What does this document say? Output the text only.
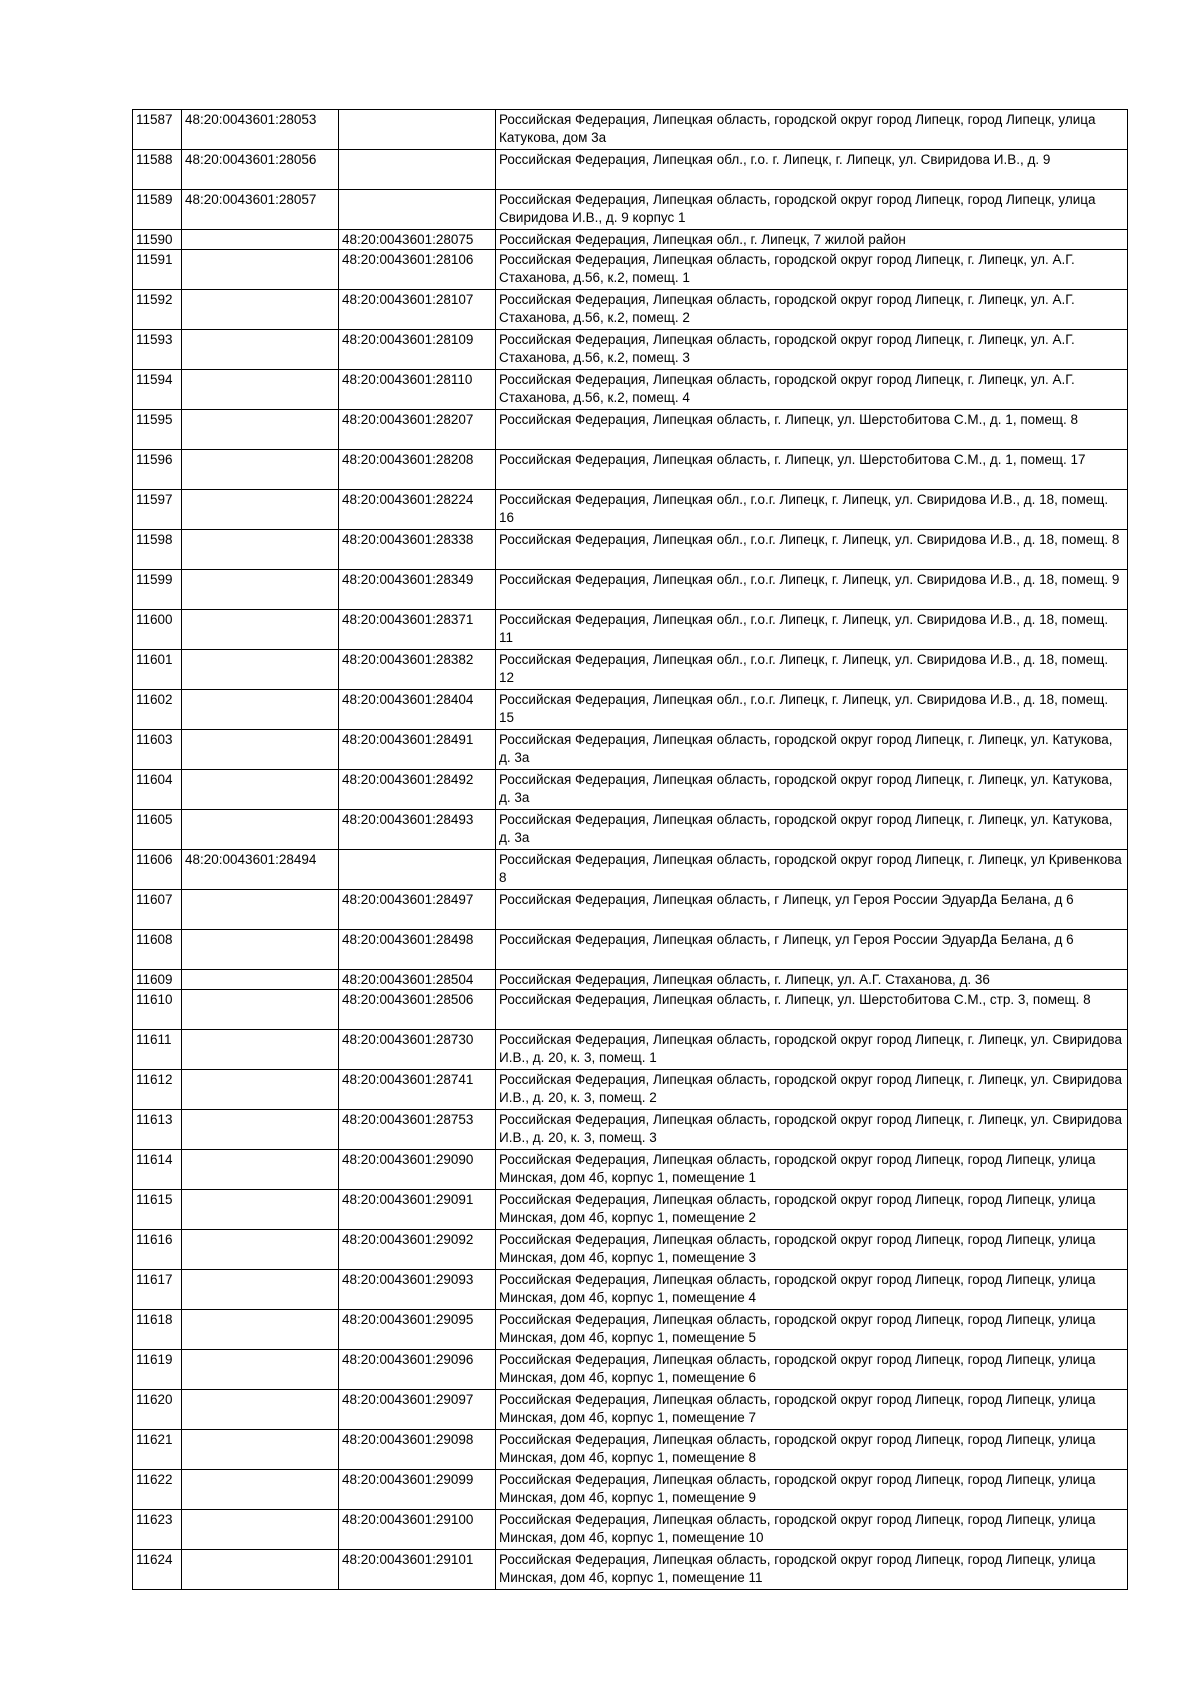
11587	48:20:0043601:28053		Российская Федерация, Липецкая область, городской округ город Липецк, город Липецк, улица Катукова, дом 3а
11588	48:20:0043601:28056		Российская Федерация, Липецкая обл., г.о. г. Липецк, г. Липецк, ул. Свиридова И.В., д. 9
11589	48:20:0043601:28057		Российская Федерация, Липецкая область, городской округ город Липецк, город Липецк, улица Свиридова И.В., д. 9 корпус 1
11590		48:20:0043601:28075	Российская Федерация, Липецкая обл., г. Липецк, 7 жилой район
11591		48:20:0043601:28106	Российская Федерация, Липецкая область, городской округ город Липецк, г. Липецк, ул. А.Г. Стаханова, д.56, к.2, помещ. 1
11592		48:20:0043601:28107	Российская Федерация, Липецкая область, городской округ город Липецк, г. Липецк, ул. А.Г. Стаханова, д.56, к.2, помещ. 2
11593		48:20:0043601:28109	Российская Федерация, Липецкая область, городской округ город Липецк, г. Липецк, ул. А.Г. Стаханова, д.56, к.2, помещ. 3
11594		48:20:0043601:28110	Российская Федерация, Липецкая область, городской округ город Липецк, г. Липецк, ул. А.Г. Стаханова, д.56, к.2, помещ. 4
11595		48:20:0043601:28207	Российская Федерация, Липецкая область, г. Липецк, ул. Шерстобитова С.М., д. 1, помещ. 8
11596		48:20:0043601:28208	Российская Федерация, Липецкая область, г. Липецк, ул. Шерстобитова С.М., д. 1, помещ. 17
11597		48:20:0043601:28224	Российская Федерация, Липецкая обл., г.о.г. Липецк, г. Липецк, ул. Свиридова И.В., д. 18, помещ. 16
11598		48:20:0043601:28338	Российская Федерация, Липецкая обл., г.о.г. Липецк, г. Липецк, ул. Свиридова И.В., д. 18, помещ. 8
11599		48:20:0043601:28349	Российская Федерация, Липецкая обл., г.о.г. Липецк, г. Липецк, ул. Свиридова И.В., д. 18, помещ. 9
11600		48:20:0043601:28371	Российская Федерация, Липецкая обл., г.о.г. Липецк, г. Липецк, ул. Свиридова И.В., д. 18, помещ. 11
11601		48:20:0043601:28382	Российская Федерация, Липецкая обл., г.о.г. Липецк, г. Липецк, ул. Свиридова И.В., д. 18, помещ. 12
11602		48:20:0043601:28404	Российская Федерация, Липецкая обл., г.о.г. Липецк, г. Липецк, ул. Свиридова И.В., д. 18, помещ. 15
11603		48:20:0043601:28491	Российская Федерация, Липецкая область, городской округ город Липецк, г. Липецк, ул. Катукова, д. 3а
11604		48:20:0043601:28492	Российская Федерация, Липецкая область, городской округ город Липецк, г. Липецк, ул. Катукова, д. 3а
11605		48:20:0043601:28493	Российская Федерация, Липецкая область, городской округ город Липецк, г. Липецк, ул. Катукова, д. 3а
11606	48:20:0043601:28494		Российская Федерация, Липецкая область, городской округ город Липецк, г. Липецк, ул Кривенкова 8
11607		48:20:0043601:28497	Российская Федерация, Липецкая область, г Липецк, ул Героя России ЭдуарДа Белана, д 6
11608		48:20:0043601:28498	Российская Федерация, Липецкая область, г Липецк, ул Героя России ЭдуарДа Белана, д 6
11609		48:20:0043601:28504	Российская Федерация, Липецкая область, г. Липецк, ул. А.Г. Стаханова, д. 36
11610		48:20:0043601:28506	Российская Федерация, Липецкая область, г. Липецк, ул. Шерстобитова С.М., стр. 3, помещ. 8
11611		48:20:0043601:28730	Российская Федерация, Липецкая область, городской округ город Липецк, г. Липецк, ул. Свиридова И.В., д. 20, к. 3, помещ. 1
11612		48:20:0043601:28741	Российская Федерация, Липецкая область, городской округ город Липецк, г. Липецк, ул. Свиридова И.В., д. 20, к. 3, помещ. 2
11613		48:20:0043601:28753	Российская Федерация, Липецкая область, городской округ город Липецк, г. Липецк, ул. Свиридова И.В., д. 20, к. 3, помещ. 3
11614		48:20:0043601:29090	Российская Федерация, Липецкая область, городской округ город Липецк, город Липецк, улица Минская, дом 4б, корпус 1, помещение 1
11615		48:20:0043601:29091	Российская Федерация, Липецкая область, городской округ город Липецк, город Липецк, улица Минская, дом 4б, корпус 1, помещение 2
11616		48:20:0043601:29092	Российская Федерация, Липецкая область, городской округ город Липецк, город Липецк, улица Минская, дом 4б, корпус 1, помещение 3
11617		48:20:0043601:29093	Российская Федерация, Липецкая область, городской округ город Липецк, город Липецк, улица Минская, дом 4б, корпус 1, помещение 4
11618		48:20:0043601:29095	Российская Федерация, Липецкая область, городской округ город Липецк, город Липецк, улица Минская, дом 4б, корпус 1, помещение 5
11619		48:20:0043601:29096	Российская Федерация, Липецкая область, городской округ город Липецк, город Липецк, улица Минская, дом 4б, корпус 1, помещение 6
11620		48:20:0043601:29097	Российская Федерация, Липецкая область, городской округ город Липецк, город Липецк, улица Минская, дом 4б, корпус 1, помещение 7
11621		48:20:0043601:29098	Российская Федерация, Липецкая область, городской округ город Липецк, город Липецк, улица Минская, дом 4б, корпус 1, помещение 8
11622		48:20:0043601:29099	Российская Федерация, Липецкая область, городской округ город Липецк, город Липецк, улица Минская, дом 4б, корпус 1, помещение 9
11623		48:20:0043601:29100	Российская Федерация, Липецкая область, городской округ город Липецк, город Липецк, улица Минская, дом 4б, корпус 1, помещение 10
11624		48:20:0043601:29101	Российская Федерация, Липецкая область, городской округ город Липецк, город Липецк, улица Минская, дом 4б, корпус 1, помещение 11
